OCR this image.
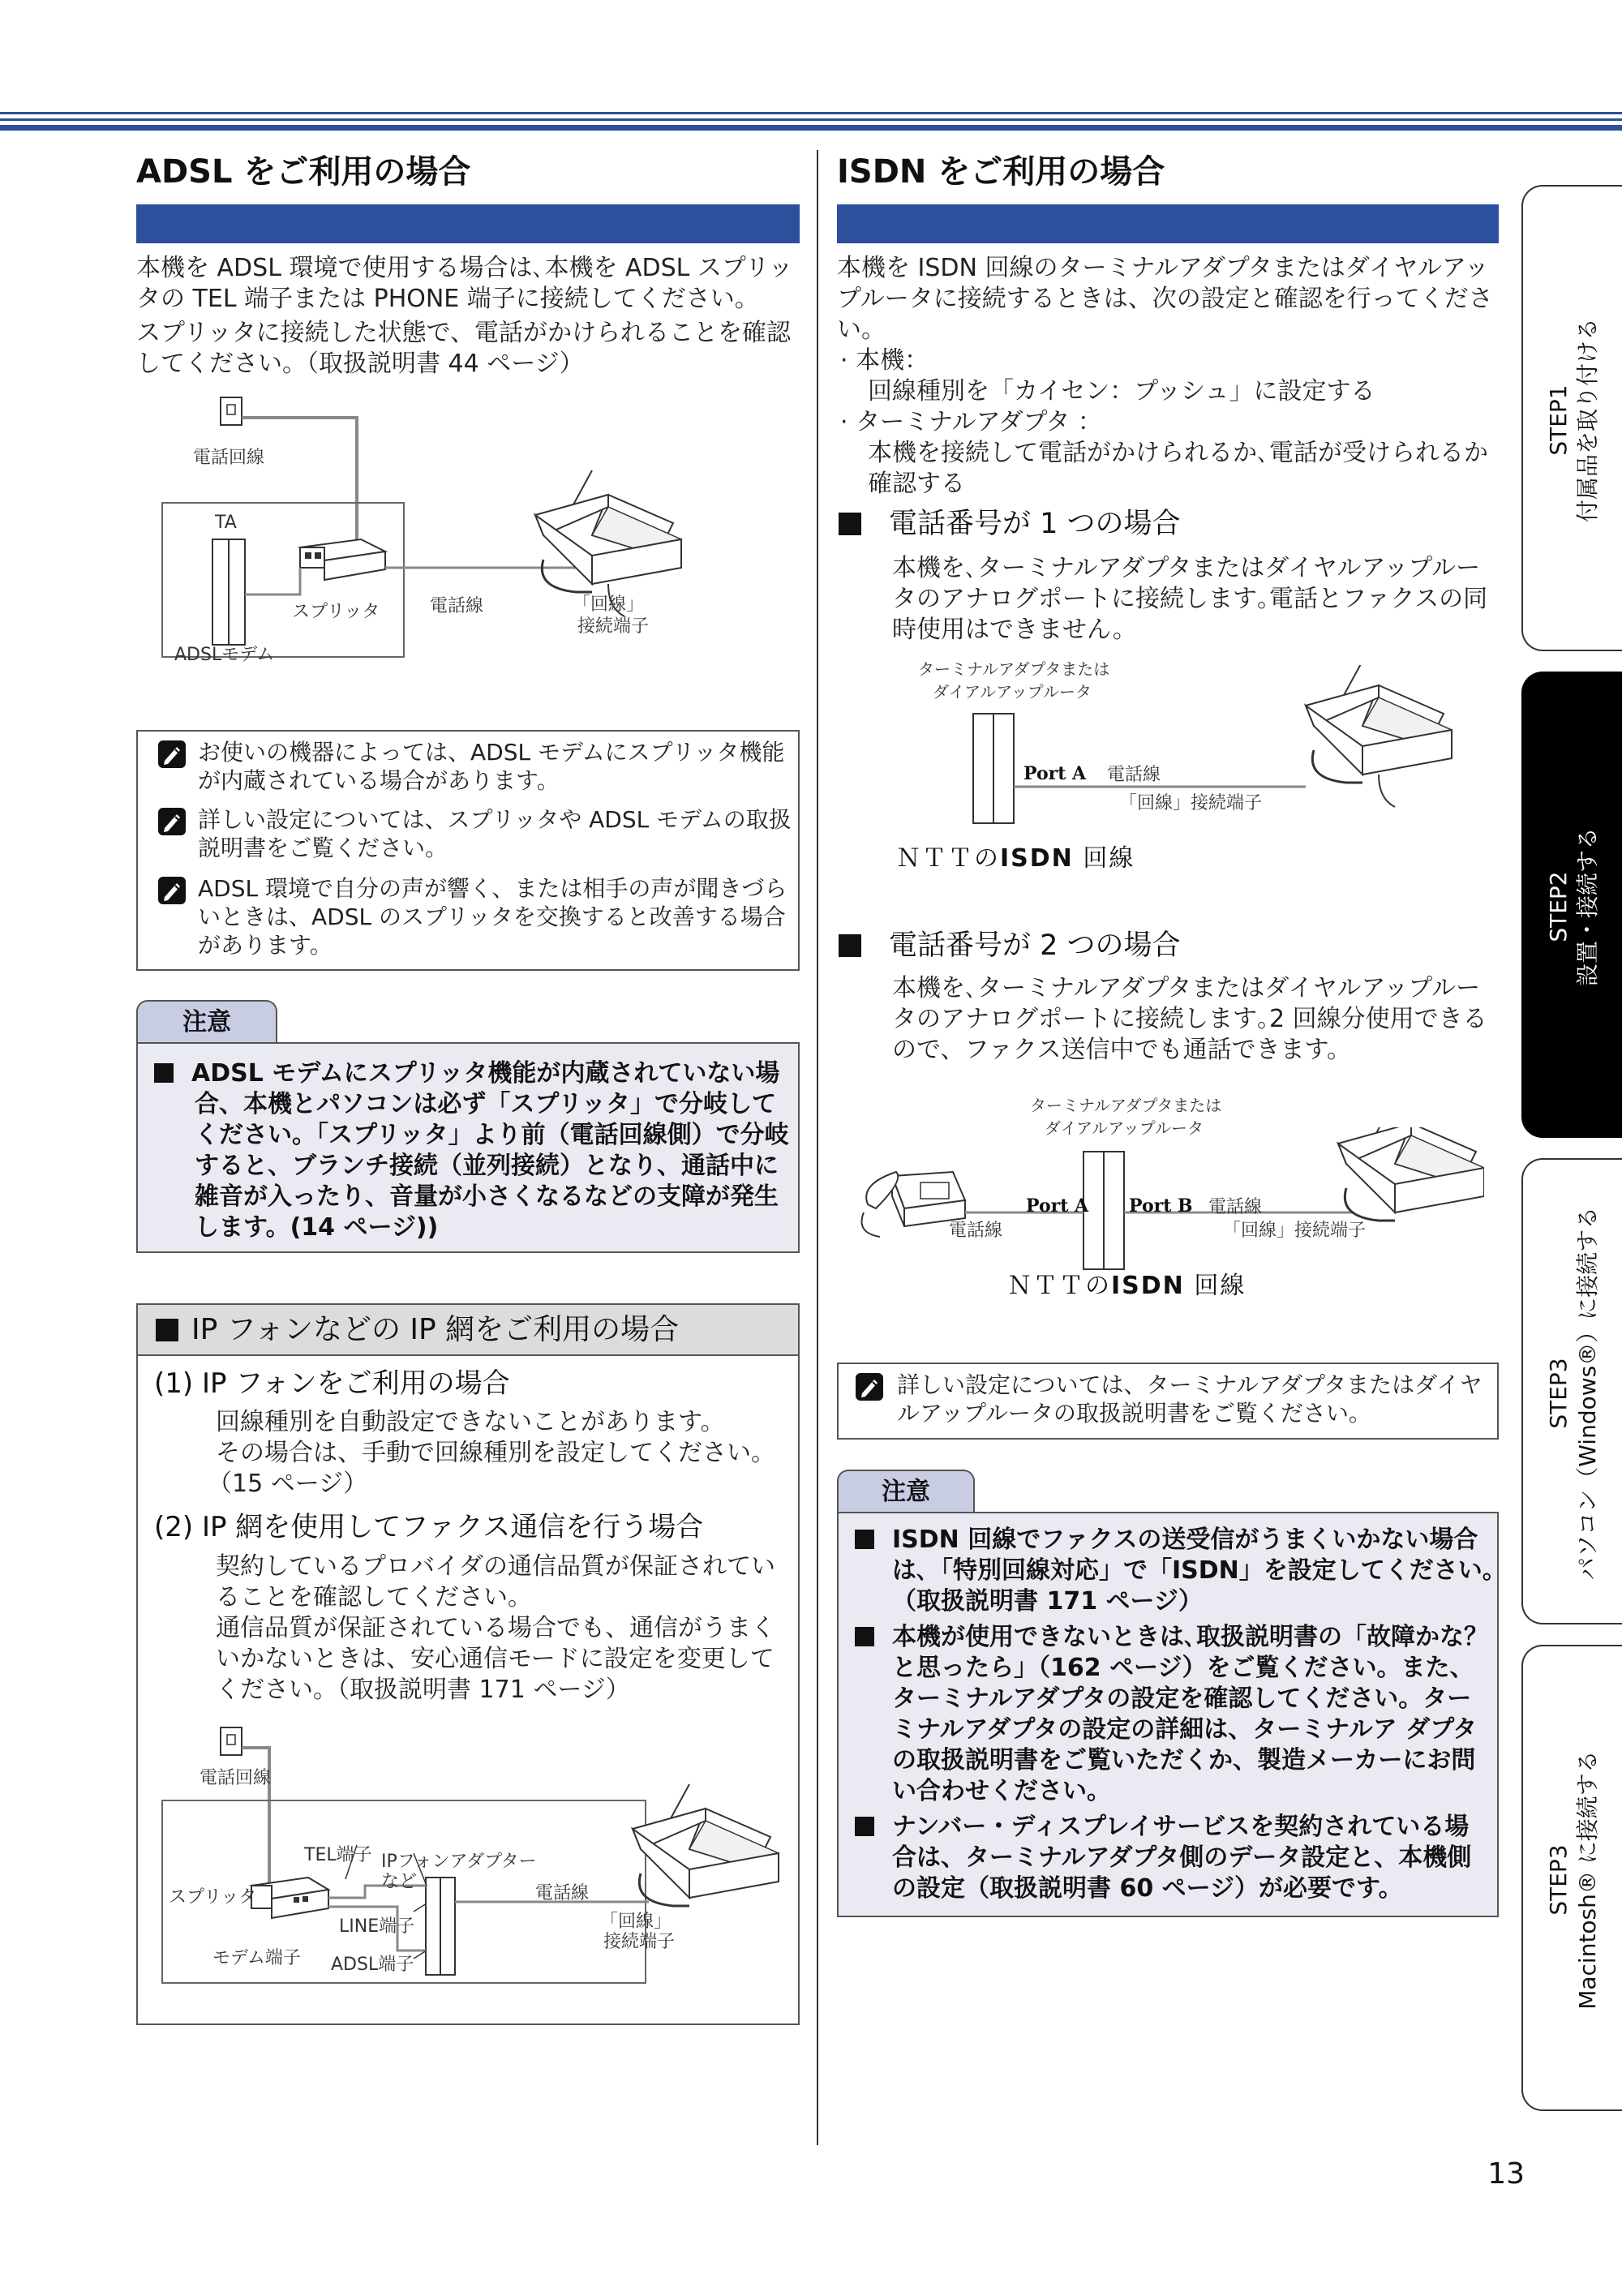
ADSL をご利用の場合
本機を ADSL 環境で使用する場合は､本機を ADSL スプリッ
タの TEL 端子または PHONE 端子に接続してください。
スプリッタに接続した状態で、電話がかけられることを確認
してください。（取扱説明書 44 ページ）
電話回線
TA
スプリッタ	電話線	「回線」
接続端子
ADSLモデム
お使いの機器によっては、ADSL モデムにスプリッタ機能
が内蔵されている場合があります。
詳しい設定については、スプリッタや ADSL モデムの取扱
説明書をご覧ください。
ADSL 環境で自分の声が響く、または相手の声が聞きづら
いときは、ADSL のスプリッタを交換すると改善する場合
があります。
注意
ADSL モデムにスプリッタ機能が内蔵されていない場
合、本機とパソコンは必ず「スプリッタ」で分岐して
ください。「スプリッタ」より前（電話回線側）で分岐
すると、ブランチ接続（並列接続）となり、通話中に
雑音が入ったり、音量が小さくなるなどの支障が発生
します。(14 ページ))
IP フォンなどの IP 網をご利用の場合
(1) IP フォンをご利用の場合
回線種別を自動設定できないことがあります。
その場合は、手動で回線種別を設定してください。
（15 ページ）
(2) IP 網を使用してファクス通信を行う場合
契約しているプロバイダの通信品質が保証されてい
ることを確認してください。
通信品質が保証されている場合でも、通信がうまく
いかないときは、安心通信モードに設定を変更して
ください。（取扱説明書 171 ページ）
電話回線
TEL端子 IPフォンアダプター
など
スプリッタ
LINE端子
電話線
「回線」
接続端子
モデム端子 ADSL端子
ISDN をご利用の場合
本機を ISDN 回線のターミナルアダプタまたはダイヤルアッ
プルータに接続するときは、次の設定と確認を行ってくださ
い。
· 本機：
回線種別を「カイセン：プッシュ」に設定する
· ターミナルアダプタ ：
本機を接続して電話がかけられるか､電話が受けられるか
確認する
電話番号が 1 つの場合
本機を､ターミナルアダプタまたはダイヤルアップルー
タのアナログポートに接続します｡電話とファクスの同
時使用はできません。
ターミナルアダプタまたは
ダイアルアップルータ
Port A 電話線
「回線」接続端子
ＮＴＴのISDN 回線
電話番号が 2 つの場合
本機を､ターミナルアダプタまたはダイヤルアップルー
タのアナログポートに接続します｡2 回線分使用できる
ので、ファクス送信中でも通話できます。
ターミナルアダプタまたは
ダイアルアップルータ
Port A Port B
電話線
電話線
「回線」接続端子
ＮＴＴのISDN 回線
詳しい設定については、ターミナルアダプタまたはダイヤ
ルアップルータの取扱説明書をご覧ください。
注意
ISDN 回線でファクスの送受信がうまくいかない場合
は､「特別回線対応」で「ISDN」を設定してください。
（取扱説明書 171 ページ）
本機が使用できないときは､取扱説明書の「故障かな？
と思ったら」（162 ページ）をご覧ください。また、
ターミナルアダプタの設定を確認してください。ター
ミナルアダプタの設定の詳細は、ターミナルア ダプタ
の取扱説明書をご覧いただくか、製造メーカーにお問
い合わせください。
ナンバー・ディスプレイサービスを契約されている場
合は、ターミナルアダプタ側のデータ設定と、本機側
の設定（取扱説明書 60 ページ）が必要です。
STEP1 付属品を取り付ける
STEP2 設置・接続する
STEP3 パソコン（Windows®）に接続する
STEP3 Macintosh® に接続する
13
